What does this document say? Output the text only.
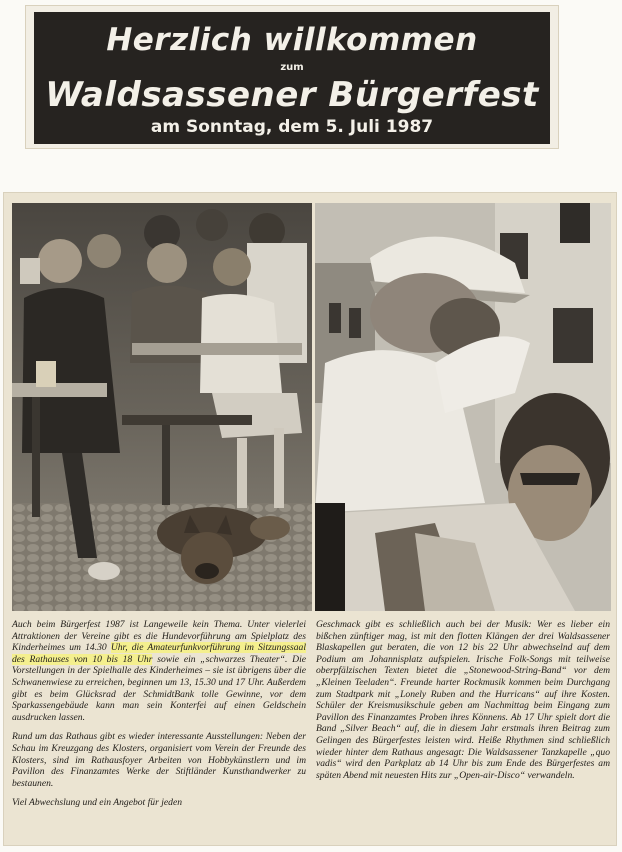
Herzlich willkommen
zum
Waldsassener Bürgerfest
am Sonntag, dem 5. Juli 1987

Auch beim Bürgerfest 1987 ist Langeweile kein Thema. Unter vielerlei Attraktionen der Vereine gibt es die Hundevorführung am Spielplatz des Kinderheimes um 14.30 Uhr, die Amateurfunkvorführung im Sitzungssaal des Rathauses von 10 bis 18 Uhr sowie ein „schwarzes Theater“. Die Vorstellungen in der Spielhalle des Kinderheimes – sie ist übrigens über die Schwanenwiese zu erreichen, beginnen um 13, 15.30 und 17 Uhr. Außerdem gibt es beim Glücksrad der SchmidtBank tolle Gewinne, vor dem Sparkassengebäude kann man sein Konterfei auf einen Geldschein ausdrucken lassen.

Rund um das Rathaus gibt es wieder interessante Ausstellungen: Neben der Schau im Kreuzgang des Klosters, organisiert vom Verein der Freunde des Klosters, sind im Rathausfoyer Arbeiten von Hobbykünstlern und im Pavillon des Finanzamtes Werke der Stiftländer Kunsthandwerker zu bestaunen.

Viel Abwechslung und ein Angebot für jeden

Geschmack gibt es schließlich auch bei der Musik: Wer es lieber ein bißchen zünftiger mag, ist mit den flotten Klängen der drei Waldsassener Blaskapellen gut beraten, die von 12 bis 22 Uhr abwechselnd auf dem Podium am Johannisplatz aufspielen. Irische Folk-Songs mit teilweise oberpfälzischen Texten bietet die „Stonewood-String-Band“ vor dem „Kleinen Teeladen“. Freunde harter Rockmusik kommen beim Durchgang zum Stadtpark mit „Lonely Ruben and the Hurricans“ auf ihre Kosten. Schüler der Kreismusikschule geben am Nachmittag beim Eingang zum Pavillon des Finanzamtes Proben ihres Könnens. Ab 17 Uhr spielt dort die Band „Silver Beach“ auf, die in diesem Jahr erstmals ihren Beitrag zum Gelingen des Bürgerfestes leisten wird. Heiße Rhythmen sind schließlich wieder hinter dem Rathaus angesagt: Die Waldsassener Tanzkapelle „quo vadis“ wird den Parkplatz ab 14 Uhr bis zum Ende des Bürgerfestes am späten Abend mit neuesten Hits zur „Open-air-Disco“ verwandeln.
